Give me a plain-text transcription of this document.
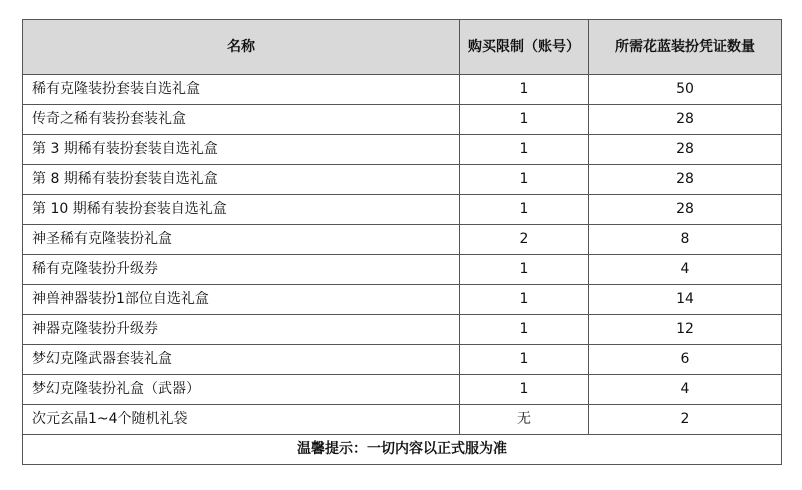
名称	购买限制（账号）	所需花蓝装扮凭证数量
稀有克隆装扮套装自选礼盒	1	50
传奇之稀有装扮套装礼盒	1	28
第 3 期稀有装扮套装自选礼盒	1	28
第 8 期稀有装扮套装自选礼盒	1	28
第 10 期稀有装扮套装自选礼盒	1	28
神圣稀有克隆装扮礼盒	2	8
稀有克隆装扮升级券	1	4
神兽神器装扮1部位自选礼盒	1	14
神器克隆装扮升级券	1	12
梦幻克隆武器套装礼盒	1	6
梦幻克隆装扮礼盒（武器）	1	4
次元玄晶1~4个随机礼袋	无	2
温馨提示：一切内容以正式服为准		
